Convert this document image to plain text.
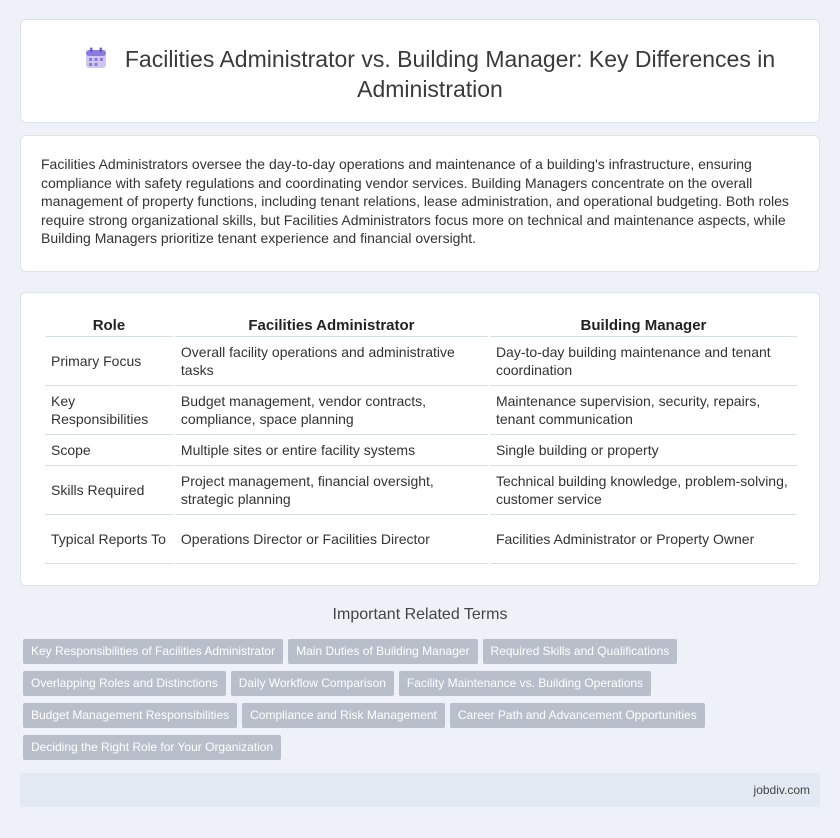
Facilities Administrator vs. Building Manager: Key Differences in Administration

Facilities Administrators oversee the day-to-day operations and maintenance of a building's infrastructure, ensuring compliance with safety regulations and coordinating vendor services. Building Managers concentrate on the overall management of property functions, including tenant relations, lease administration, and operational budgeting. Both roles require strong organizational skills, but Facilities Administrators focus more on technical and maintenance aspects, while Building Managers prioritize tenant experience and financial oversight.

Role	Facilities Administrator	Building Manager
Primary Focus	Overall facility operations and administrative tasks	Day-to-day building maintenance and tenant coordination
Key Responsibilities	Budget management, vendor contracts, compliance, space planning	Maintenance supervision, security, repairs, tenant communication
Scope	Multiple sites or entire facility systems	Single building or property
Skills Required	Project management, financial oversight, strategic planning	Technical building knowledge, problem-solving, customer service
Typical Reports To	Operations Director or Facilities Director	Facilities Administrator or Property Owner
Important Related Terms
Key Responsibilities of Facilities Administrator Main Duties of Building Manager Required Skills and Qualifications
Overlapping Roles and Distinctions Daily Workflow Comparison Facility Maintenance vs. Building Operations
Budget Management Responsibilities Compliance and Risk Management Career Path and Advancement Opportunities
Deciding the Right Role for Your Organization
jobdiv.com
